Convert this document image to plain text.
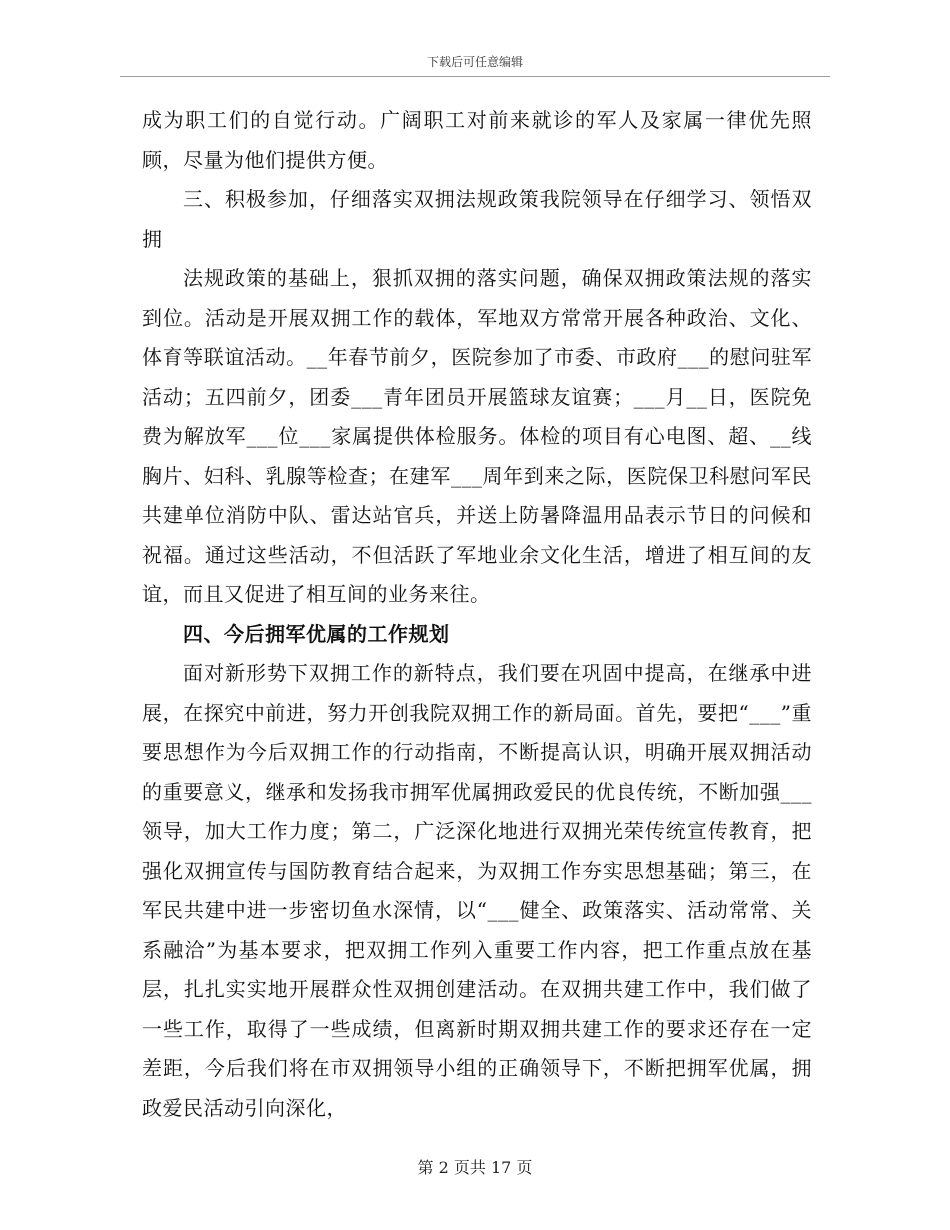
下载后可任意编辑

成为职工们的自觉行动。广阔职工对前来就诊的军人及家属一律优先照顾，尽量为他们提供方便。

三、积极参加，仔细落实双拥法规政策我院领导在仔细学习、领悟双拥

法规政策的基础上，狠抓双拥的落实问题，确保双拥政策法规的落实到位。活动是开展双拥工作的载体，军地双方常常开展各种政治、文化、体育等联谊活动。__年春节前夕，医院参加了市委、市政府___的慰问驻军活动；五四前夕，团委___青年团员开展篮球友谊赛；___月__日，医院免费为解放军___位___家属提供体检服务。体检的项目有心电图、超、__线胸片、妇科、乳腺等检查；在建军___周年到来之际，医院保卫科慰问军民共建单位消防中队、雷达站官兵，并送上防暑降温用品表示节日的问候和祝福。通过这些活动，不但活跃了军地业余文化生活，增进了相互间的友谊，而且又促进了相互间的业务来往。

四、今后拥军优属的工作规划

面对新形势下双拥工作的新特点，我们要在巩固中提高，在继承中进展，在探究中前进，努力开创我院双拥工作的新局面。首先，要把“___”重要思想作为今后双拥工作的行动指南，不断提高认识，明确开展双拥活动的重要意义，继承和发扬我市拥军优属拥政爱民的优良传统，不断加强___领导，加大工作力度；第二，广泛深化地进行双拥光荣传统宣传教育，把强化双拥宣传与国防教育结合起来，为双拥工作夯实思想基础；第三，在军民共建中进一步密切鱼水深情，以“___健全、政策落实、活动常常、关系融洽”为基本要求，把双拥工作列入重要工作内容，把工作重点放在基层，扎扎实实地开展群众性双拥创建活动。在双拥共建工作中，我们做了一些工作，取得了一些成绩，但离新时期双拥共建工作的要求还存在一定差距，今后我们将在市双拥领导小组的正确领导下，不断把拥军优属，拥政爱民活动引向深化，

第 2 页共 17 页
